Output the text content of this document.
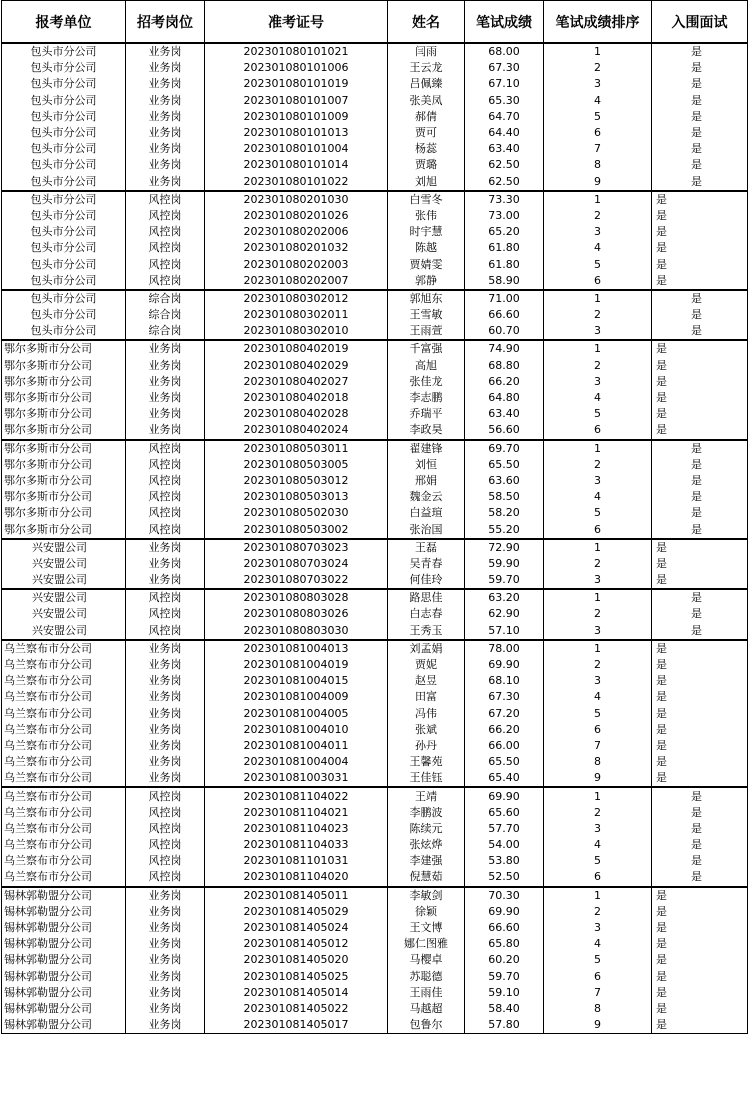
报考单位	招考岗位	准考证号	姓名	笔试成绩	笔试成绩排序	入围面试
包头市分公司	业务岗	202301080101021	闫雨	68.00	1	是
包头市分公司	业务岗	202301080101006	王云龙	67.30	2	是
包头市分公司	业务岗	202301080101019	吕佩臻	67.10	3	是
包头市分公司	业务岗	202301080101007	张美凤	65.30	4	是
包头市分公司	业务岗	202301080101009	郝倩	64.70	5	是
包头市分公司	业务岗	202301080101013	贾可	64.40	6	是
包头市分公司	业务岗	202301080101004	杨蕊	63.40	7	是
包头市分公司	业务岗	202301080101014	贾璐	62.50	8	是
包头市分公司	业务岗	202301080101022	刘旭	62.50	9	是
包头市分公司	风控岗	202301080201030	白雪冬	73.30	1	是
包头市分公司	风控岗	202301080201026	张伟	73.00	2	是
包头市分公司	风控岗	202301080202006	时宇慧	65.20	3	是
包头市分公司	风控岗	202301080201032	陈越	61.80	4	是
包头市分公司	风控岗	202301080202003	贾婧雯	61.80	5	是
包头市分公司	风控岗	202301080202007	郭静	58.90	6	是
包头市分公司	综合岗	202301080302012	郭旭东	71.00	1	是
包头市分公司	综合岗	202301080302011	王雪敏	66.60	2	是
包头市分公司	综合岗	202301080302010	王雨萱	60.70	3	是
鄂尔多斯市分公司	业务岗	202301080402019	千富强	74.90	1	是
鄂尔多斯市分公司	业务岗	202301080402029	高旭	68.80	2	是
鄂尔多斯市分公司	业务岗	202301080402027	张佳龙	66.20	3	是
鄂尔多斯市分公司	业务岗	202301080402018	李志鹏	64.80	4	是
鄂尔多斯市分公司	业务岗	202301080402028	乔瑞平	63.40	5	是
鄂尔多斯市分公司	业务岗	202301080402024	李政昊	56.60	6	是
鄂尔多斯市分公司	风控岗	202301080503011	翟建锋	69.70	1	是
鄂尔多斯市分公司	风控岗	202301080503005	刘恒	65.50	2	是
鄂尔多斯市分公司	风控岗	202301080503012	邢娟	63.60	3	是
鄂尔多斯市分公司	风控岗	202301080503013	魏金云	58.50	4	是
鄂尔多斯市分公司	风控岗	202301080502030	白益瑄	58.20	5	是
鄂尔多斯市分公司	风控岗	202301080503002	张治国	55.20	6	是
兴安盟公司	业务岗	202301080703023	王磊	72.90	1	是
兴安盟公司	业务岗	202301080703024	吴青春	59.90	2	是
兴安盟公司	业务岗	202301080703022	何佳玲	59.70	3	是
兴安盟公司	风控岗	202301080803028	路思佳	63.20	1	是
兴安盟公司	风控岗	202301080803026	白志春	62.90	2	是
兴安盟公司	风控岗	202301080803030	王秀玉	57.10	3	是
乌兰察布市分公司	业务岗	202301081004013	刘孟娟	78.00	1	是
乌兰察布市分公司	业务岗	202301081004019	贾妮	69.90	2	是
乌兰察布市分公司	业务岗	202301081004015	赵昱	68.10	3	是
乌兰察布市分公司	业务岗	202301081004009	田富	67.30	4	是
乌兰察布市分公司	业务岗	202301081004005	冯伟	67.20	5	是
乌兰察布市分公司	业务岗	202301081004010	张斌	66.20	6	是
乌兰察布市分公司	业务岗	202301081004011	孙丹	66.00	7	是
乌兰察布市分公司	业务岗	202301081004004	王馨苑	65.50	8	是
乌兰察布市分公司	业务岗	202301081003031	王佳钰	65.40	9	是
乌兰察布市分公司	风控岗	202301081104022	王靖	69.90	1	是
乌兰察布市分公司	风控岗	202301081104021	李鹏波	65.60	2	是
乌兰察布市分公司	风控岗	202301081104023	陈续元	57.70	3	是
乌兰察布市分公司	风控岗	202301081104033	张炫烨	54.00	4	是
乌兰察布市分公司	风控岗	202301081101031	李建强	53.80	5	是
乌兰察布市分公司	风控岗	202301081104020	倪慧茹	52.50	6	是
锡林郭勒盟分公司	业务岗	202301081405011	李敏剑	70.30	1	是
锡林郭勒盟分公司	业务岗	202301081405029	徐颖	69.90	2	是
锡林郭勒盟分公司	业务岗	202301081405024	王文博	66.60	3	是
锡林郭勒盟分公司	业务岗	202301081405012	娜仁图雅	65.80	4	是
锡林郭勒盟分公司	业务岗	202301081405020	马樱卓	60.20	5	是
锡林郭勒盟分公司	业务岗	202301081405025	苏聪德	59.70	6	是
锡林郭勒盟分公司	业务岗	202301081405014	王雨佳	59.10	7	是
锡林郭勒盟分公司	业务岗	202301081405022	马越超	58.40	8	是
锡林郭勒盟分公司	业务岗	202301081405017	包鲁尔	57.80	9	是
